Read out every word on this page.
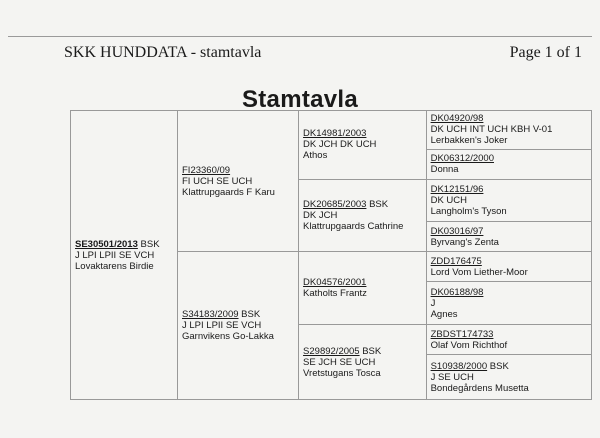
SKK HUNDDATA - stamtavla	Page 1 of 1
Stamtavla
SE30501/2013 BSK
J LPI LPII SE VCH
Lovaktarens Birdie	FI23360/09
FI UCH SE UCH
Klattrupgaards F Karu	DK14981/2003
DK JCH DK UCH
Athos	DK04920/98
DK UCH INT UCH KBH V-01
Lerbakken's Joker

			DK06312/2000
Donna

		DK20685/2003 BSK
DK JCH
Klattrupgaards Cathrine	DK12151/96
DK UCH
Langholm's Tyson

			DK03016/97
Byrvang's Zenta

	S34183/2009 BSK
J LPI LPII SE VCH
Garnvikens Go-Lakka	DK04576/2001
Katholts Frantz	ZDD176475
Lord Vom Liether-Moor

			DK06188/98
J
Agnes

		S29892/2005 BSK
SE JCH SE UCH
Vretstugans Tosca	ZBDST174733
Olaf Vom Richthof

			S10938/2000 BSK
J SE UCH
Bondegårdens Musetta
